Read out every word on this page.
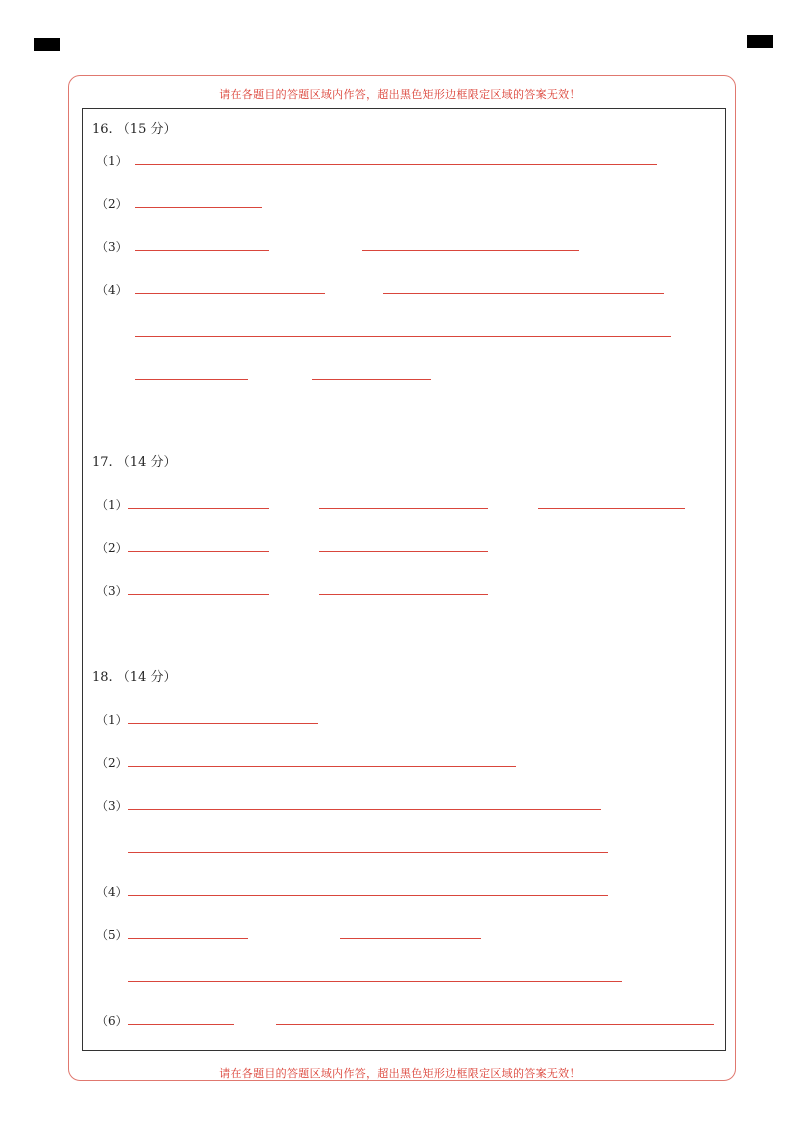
请在各题目的答题区域内作答，超出黑色矩形边框限定区域的答案无效！
请在各题目的答题区域内作答，超出黑色矩形边框限定区域的答案无效！
16. （15 分）
（1）
（2）
（3）
（4）
17. （14 分）
（1）
（2）
（3）
18. （14 分）
（1）
（2）
（3）
（4）
（5）
（6）
